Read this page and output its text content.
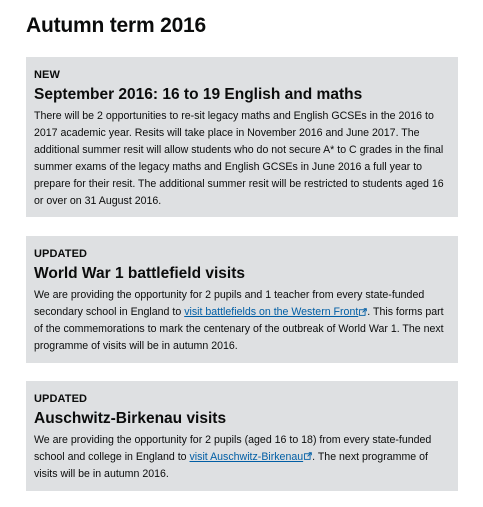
Autumn term 2016
NEW
September 2016: 16 to 19 English and maths

There will be 2 opportunities to re-sit legacy maths and English GCSEs in the 2016 to 2017 academic year. Resits will take place in November 2016 and June 2017. The additional summer resit will allow students who do not secure A* to C grades in the final summer exams of the legacy maths and English GCSEs in June 2016 a full year to prepare for their resit. The additional summer resit will be restricted to students aged 16 or over on 31 August 2016.

UPDATED
World War 1 battlefield visits

We are providing the opportunity for 2 pupils and 1 teacher from every state-funded secondary school in England to visit battlefields on the Western Front . This forms part of the commemorations to mark the centenary of the outbreak of World War 1. The next programme of visits will be in autumn 2016.

UPDATED
Auschwitz-Birkenau visits

We are providing the opportunity for 2 pupils (aged 16 to 18) from every state-funded school and college in England to visit Auschwitz-Birkenau . The next programme of visits will be in autumn 2016.
